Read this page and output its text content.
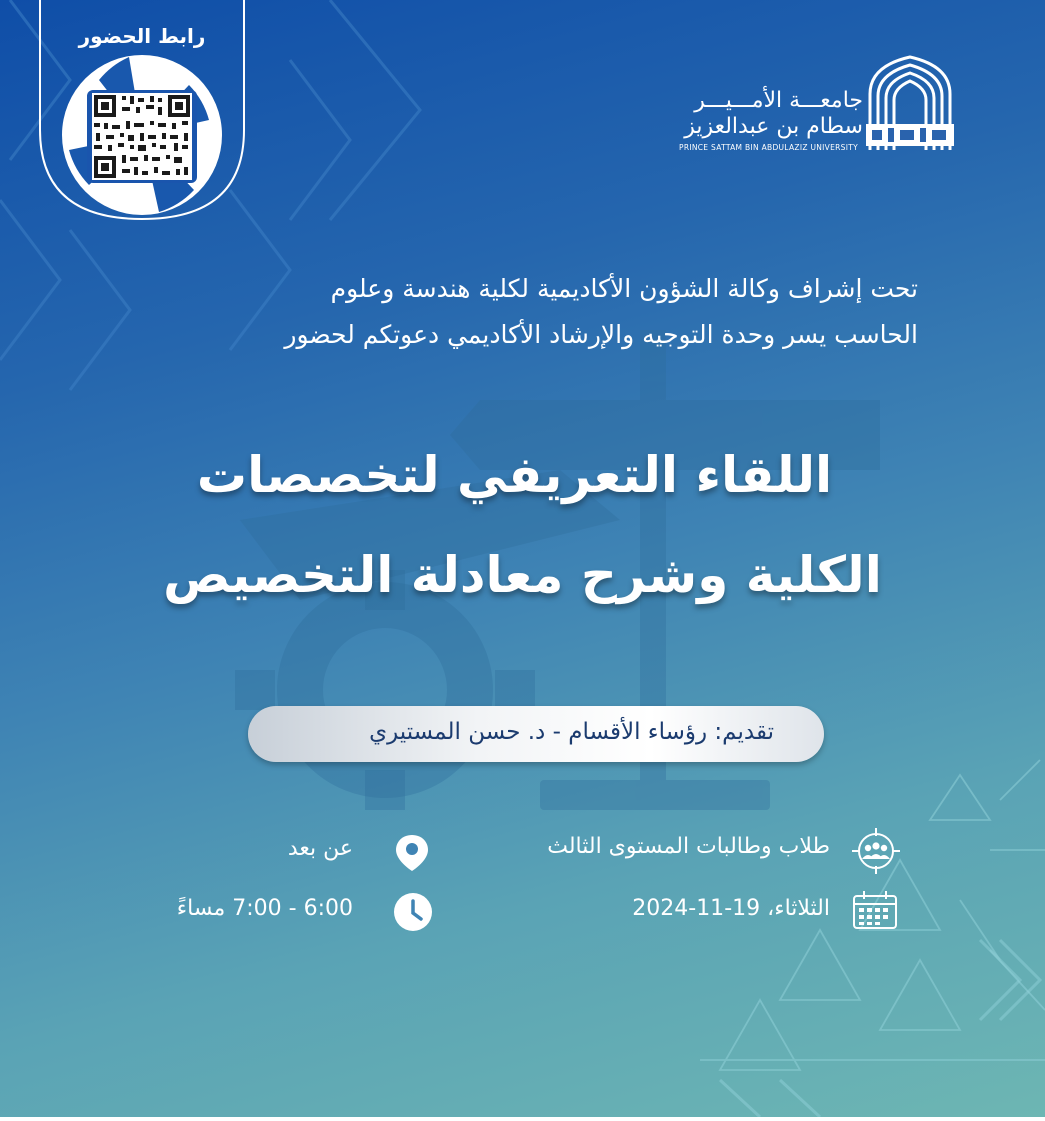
رابط الحضور
جامعـــة الأمـــيـــر
سطام بن عبدالعزيز
PRINCE SATTAM BIN ABDULAZIZ UNIVERSITY
تحت إشراف وكالة الشؤون الأكاديمية لكلية هندسة وعلوم
الحاسب يسر وحدة التوجيه والإرشاد الأكاديمي دعوتكم لحضور
اللقاء التعريفي لتخصصات
الكلية وشرح معادلة التخصيص
تقديم: رؤساء الأقسام - د. حسن المستيري
طلاب وطالبات المستوى الثالث
عن بعد
الثلاثاء، 19-11-2024
6:00 - 7:00 مساءً
